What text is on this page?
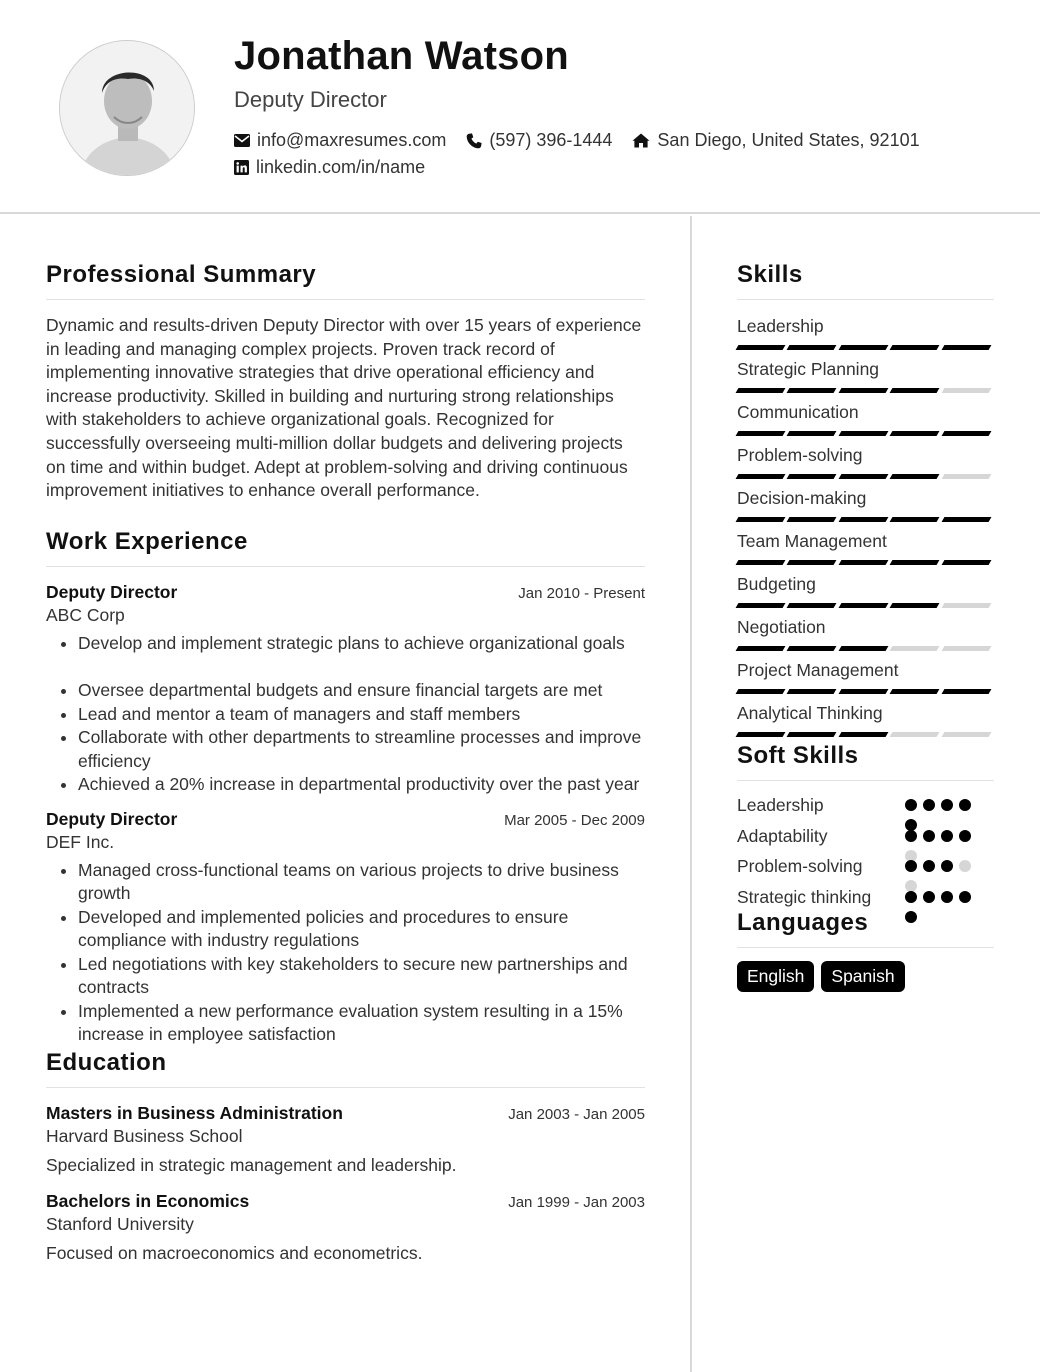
Jonathan Watson
Deputy Director
info@maxresumes.com (597) 396-1444	San Diego, United States, 92101
linkedin.com/in/name
Professional Summary
Dynamic and results-driven Deputy Director with over 15 years of experience in leading and managing complex projects. Proven track record of implementing innovative strategies that drive operational efficiency and increase productivity. Skilled in building and nurturing strong relationships with stakeholders to achieve organizational goals. Recognized for successfully overseeing multi-million dollar budgets and delivering projects on time and within budget. Adept at problem-solving and driving continuous improvement initiatives to enhance overall performance.
Work Experience
Deputy Director	Jan 2010 - Present
ABC Corp
• Develop and implement strategic plans to achieve organizational goals
• Oversee departmental budgets and ensure financial targets are met
• Lead and mentor a team of managers and staff members
• Collaborate with other departments to streamline processes and improve efficiency
• Achieved a 20% increase in departmental productivity over the past year
Deputy Director	Mar 2005 - Dec 2009
DEF Inc.
• Managed cross-functional teams on various projects to drive business growth
• Developed and implemented policies and procedures to ensure compliance with industry regulations
• Led negotiations with key stakeholders to secure new partnerships and contracts
• Implemented a new performance evaluation system resulting in a 15% increase in employee satisfaction
Education
Masters in Business Administration	Jan 2003 - Jan 2005
Harvard Business School
Specialized in strategic management and leadership.
Bachelors in Economics	Jan 1999 - Jan 2003
Stanford University
Focused on macroeconomics and econometrics.
Skills
Leadership
Strategic Planning
Communication
Problem-solving
Decision-making
Team Management
Budgeting
Negotiation
Project Management
Analytical Thinking
Soft Skills
Leadership
Adaptability
Problem-solving
Strategic thinking
Languages
English	Spanish
